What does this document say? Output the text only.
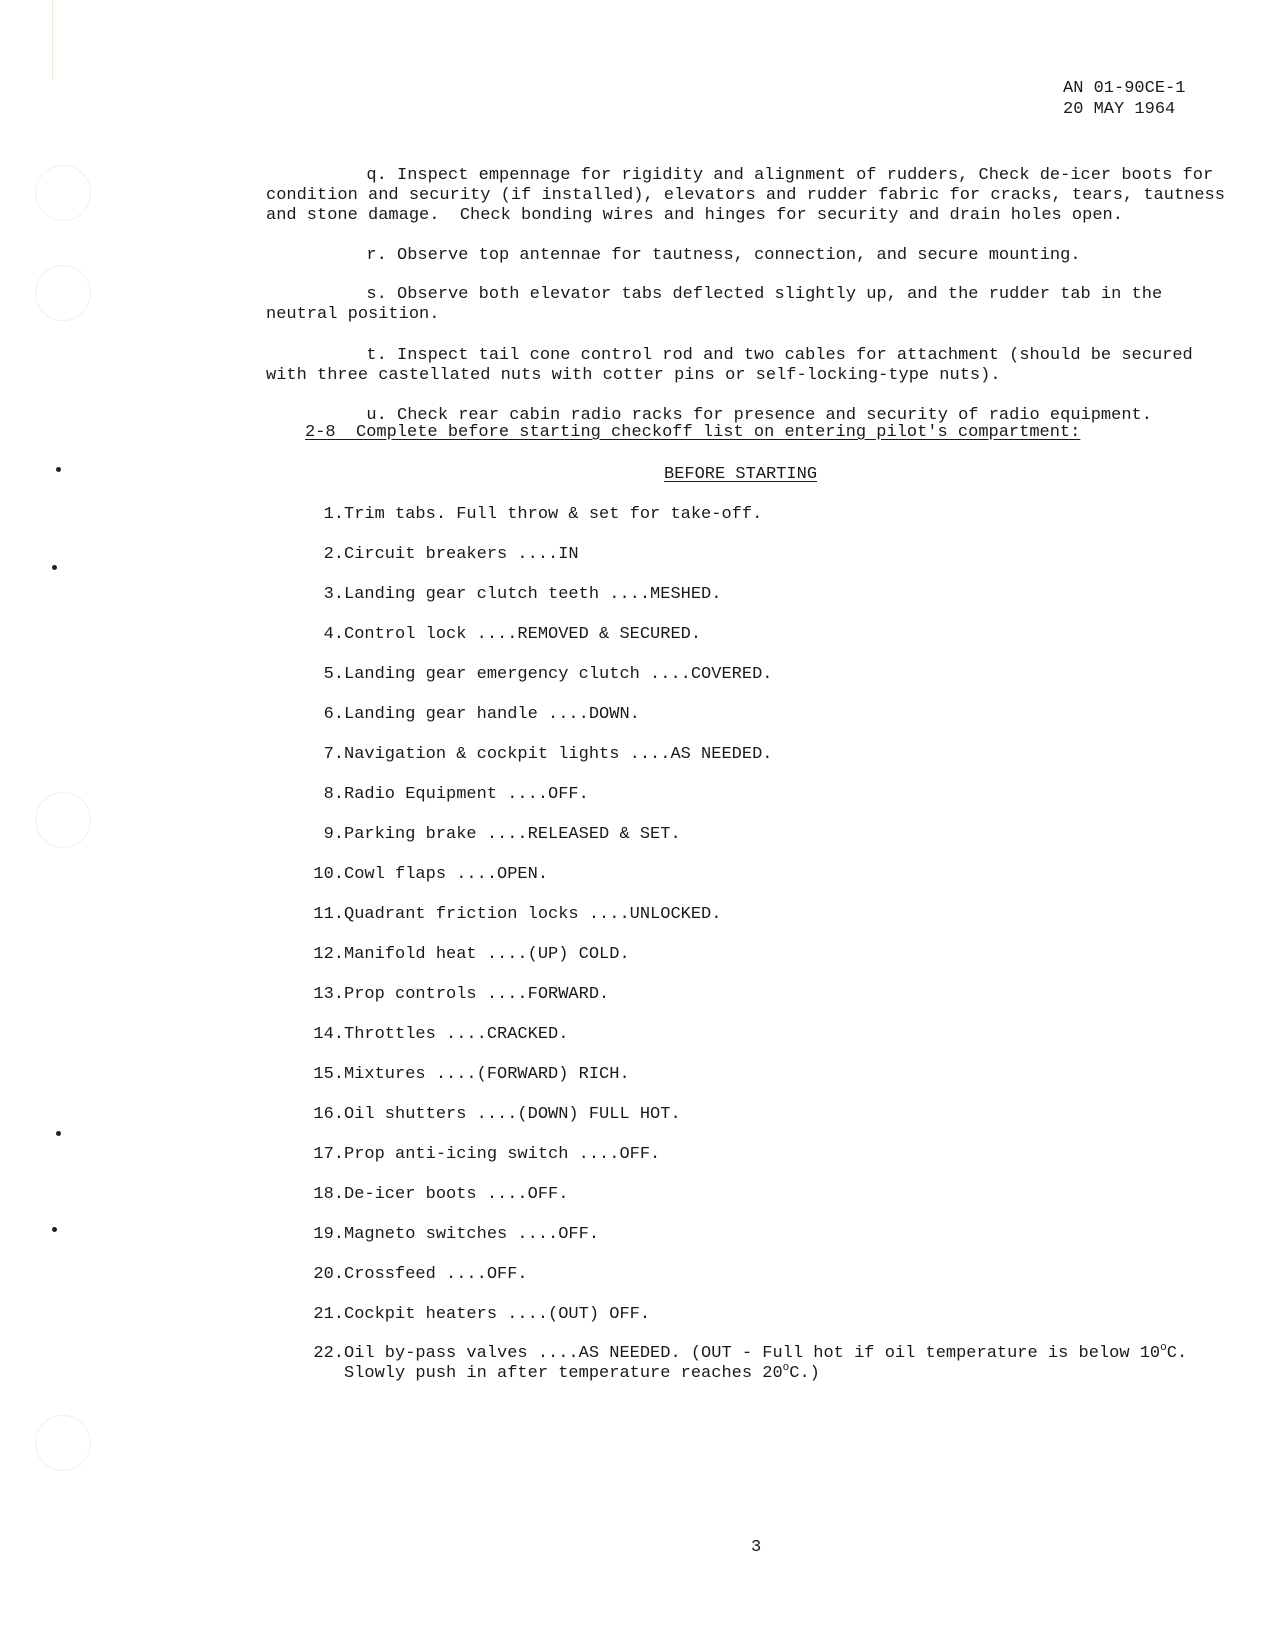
AN 01-90CE-1
20 MAY 1964

q. Inspect empennage for rigidity and alignment of rudders, Check de-icer boots for condition and security (if installed), elevators and rudder fabric for cracks, tears, tautness and stone damage.  Check bonding wires and hinges for security and drain holes open.

r. Observe top antennae for tautness, connection, and secure mounting.

s. Observe both elevator tabs deflected slightly up, and the rudder tab in the neutral position.

t. Inspect tail cone control rod and two cables for attachment (should be secured with three castellated nuts with cotter pins or self-locking-type nuts).

u. Check rear cabin radio racks for presence and security of radio equipment.

2-8 Complete before starting checkoff list on entering pilot's compartment:
BEFORE STARTING
1. Trim tabs. Full throw & set for take-off.
2. Circuit breakers ....IN
3. Landing gear clutch teeth ....MESHED.
4. Control lock ....REMOVED & SECURED.
5. Landing gear emergency clutch ....COVERED.
6. Landing gear handle ....DOWN.
7. Navigation & cockpit lights ....AS NEEDED.
8. Radio Equipment ....OFF.
9. Parking brake ....RELEASED & SET.
10. Cowl flaps ....OPEN.
11. Quadrant friction locks ....UNLOCKED.
12. Manifold heat ....(UP) COLD.
13. Prop controls ....FORWARD.
14. Throttles ....CRACKED.
15. Mixtures ....(FORWARD) RICH.
16. Oil shutters ....(DOWN) FULL HOT.
17. Prop anti-icing switch ....OFF.
18. De-icer boots ....OFF.
19. Magneto switches ....OFF.
20. Crossfeed ....OFF.
21. Cockpit heaters ....(OUT) OFF.
22. Oil by-pass valves ....AS NEEDED. (OUT - Full hot if oil temperature is below 10$^o$C.
Slowly push in after temperature reaches 20$^o$C.)
3
